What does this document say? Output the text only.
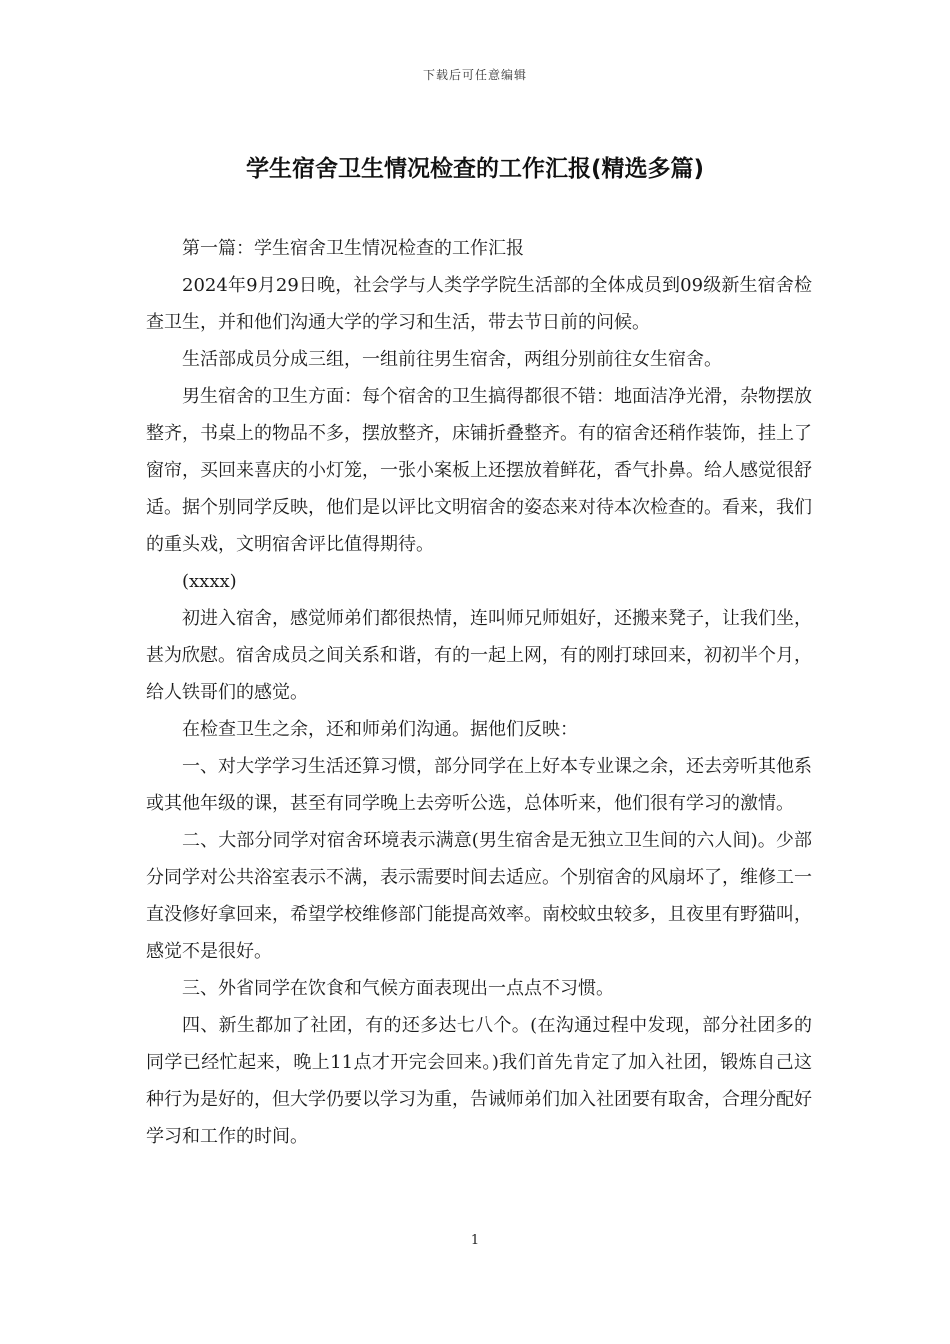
下载后可任意编辑
学生宿舍卫生情况检查的工作汇报(精选多篇)

第一篇：学生宿舍卫生情况检查的工作汇报

2024年9月29日晚，社会学与人类学学院生活部的全体成员到09级新生宿舍检查卫生，并和他们沟通大学的学习和生活，带去节日前的问候。

生活部成员分成三组，一组前往男生宿舍，两组分别前往女生宿舍。

男生宿舍的卫生方面：每个宿舍的卫生搞得都很不错：地面洁净光滑，杂物摆放整齐，书桌上的物品不多，摆放整齐，床铺折叠整齐。有的宿舍还稍作装饰，挂上了窗帘，买回来喜庆的小灯笼，一张小案板上还摆放着鲜花，香气扑鼻。给人感觉很舒适。据个别同学反映，他们是以评比文明宿舍的姿态来对待本次检查的。看来，我们的重头戏，文明宿舍评比值得期待。

(xxxx)

初进入宿舍，感觉师弟们都很热情，连叫师兄师姐好，还搬来凳子，让我们坐，甚为欣慰。宿舍成员之间关系和谐，有的一起上网，有的刚打球回来，初初半个月，给人铁哥们的感觉。

在检查卫生之余，还和师弟们沟通。据他们反映：

一、对大学学习生活还算习惯，部分同学在上好本专业课之余，还去旁听其他系或其他年级的课，甚至有同学晚上去旁听公选，总体听来，他们很有学习的激情。

二、大部分同学对宿舍环境表示满意(男生宿舍是无独立卫生间的六人间)。少部分同学对公共浴室表示不满，表示需要时间去适应。个别宿舍的风扇坏了，维修工一直没修好拿回来，希望学校维修部门能提高效率。南校蚊虫较多，且夜里有野猫叫，感觉不是很好。

三、外省同学在饮食和气候方面表现出一点点不习惯。

四、新生都加了社团，有的还多达七八个。(在沟通过程中发现，部分社团多的同学已经忙起来，晚上11点才开完会回来。)我们首先肯定了加入社团，锻炼自己这种行为是好的，但大学仍要以学习为重，告诫师弟们加入社团要有取舍，合理分配好学习和工作的时间。

1
